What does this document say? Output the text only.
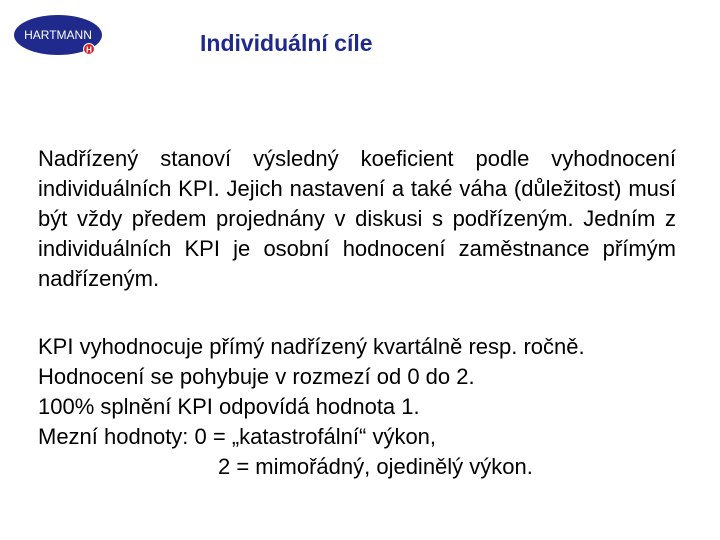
HARTMANN
H	Individuální cíle
Nadřízený stanoví výsledný koeficient podle vyhodnocení individuálních KPI. Jejich nastavení a také váha (důležitost) musí být vždy předem projednány v diskusi s podřízeným. Jedním z individuálních KPI je osobní hodnocení zaměstnance přímým nadřízeným.
KPI vyhodnocuje přímý nadřízený kvartálně resp. ročně.
Hodnocení se pohybuje v rozmezí od 0 do 2.
100% splnění KPI odpovídá hodnota 1.
Mezní hodnoty: 0 = „katastrofální“ výkon,
2 = mimořádný, ojedinělý výkon.
